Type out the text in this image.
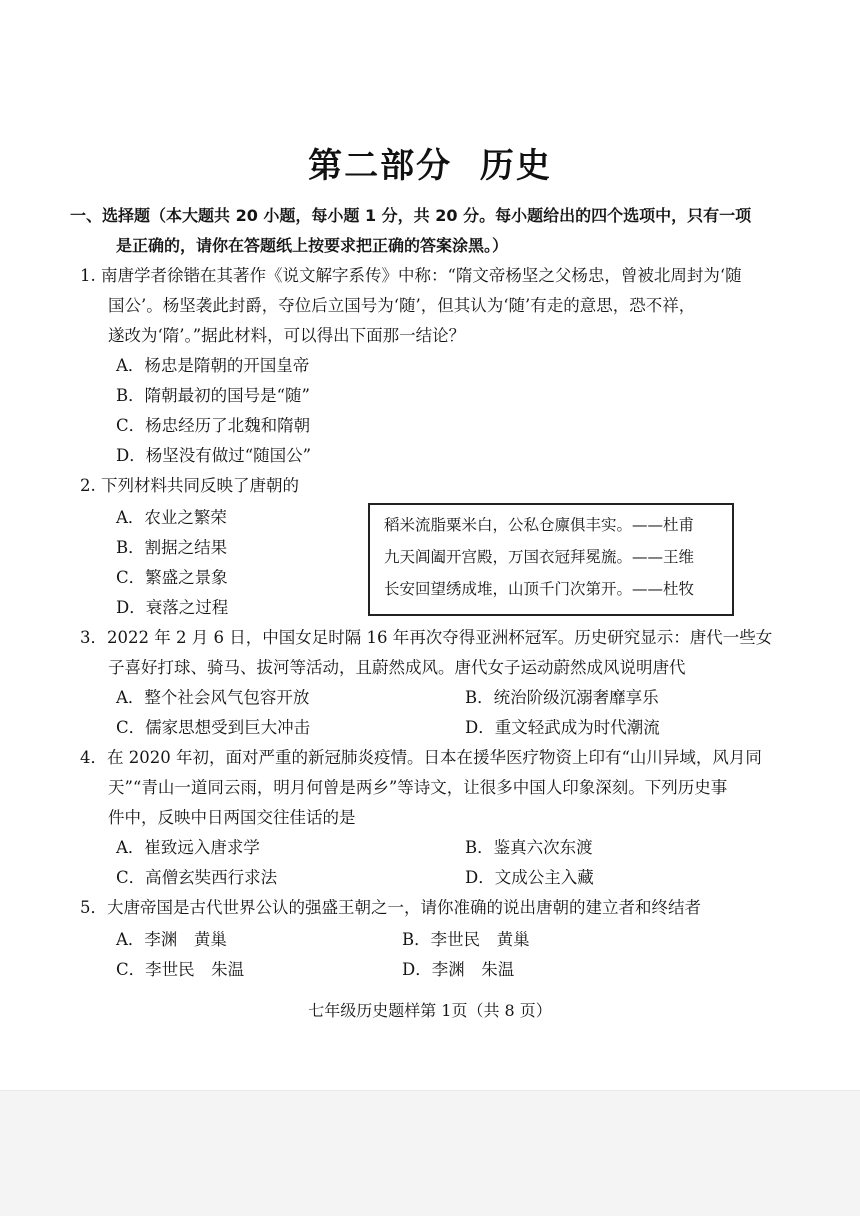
第二部分 历史
一、选择题（本大题共 20 小题，每小题 1 分，共 20 分。每小题给出的四个选项中，只有一项
是正确的，请你在答题纸上按要求把正确的答案涂黑。）
1. 南唐学者徐锴在其著作《说文解字系传》中称：“隋文帝杨坚之父杨忠，曾被北周封为‘随
国公’。杨坚袭此封爵，夺位后立国号为‘随’，但其认为‘随’有走的意思，恐不祥，
遂改为‘隋’。”据此材料，可以得出下面那一结论？
A．杨忠是隋朝的开国皇帝
B．隋朝最初的国号是“随”
C．杨忠经历了北魏和隋朝
D．杨坚没有做过“随国公”
2. 下列材料共同反映了唐朝的
A．农业之繁荣
B．割据之结果
C．繁盛之景象
D．衰落之过程
稻米流脂粟米白，公私仓廪俱丰实。——杜甫
九天阊阖开宫殿，万国衣冠拜冕旒。——王维
长安回望绣成堆，山顶千门次第开。——杜牧
3．2022 年 2 月 6 日，中国女足时隔 16 年再次夺得亚洲杯冠军。历史研究显示：唐代一些女
子喜好打球、骑马、拔河等活动，且蔚然成风。唐代女子运动蔚然成风说明唐代
A．整个社会风气包容开放	B．统治阶级沉溺奢靡享乐
C．儒家思想受到巨大冲击	D．重文轻武成为时代潮流
4．在 2020 年初，面对严重的新冠肺炎疫情。日本在援华医疗物资上印有“山川异域，风月同
天”“青山一道同云雨，明月何曾是两乡”等诗文，让很多中国人印象深刻。下列历史事
件中，反映中日两国交往佳话的是
A．崔致远入唐求学	B．鉴真六次东渡
C．高僧玄奘西行求法	D．文成公主入藏
5．大唐帝国是古代世界公认的强盛王朝之一，请你准确的说出唐朝的建立者和终结者
A．李渊　黄巢	B．李世民　黄巢
C．李世民　朱温	D．李渊　朱温
七年级历史题样第 1页（共 8 页）
